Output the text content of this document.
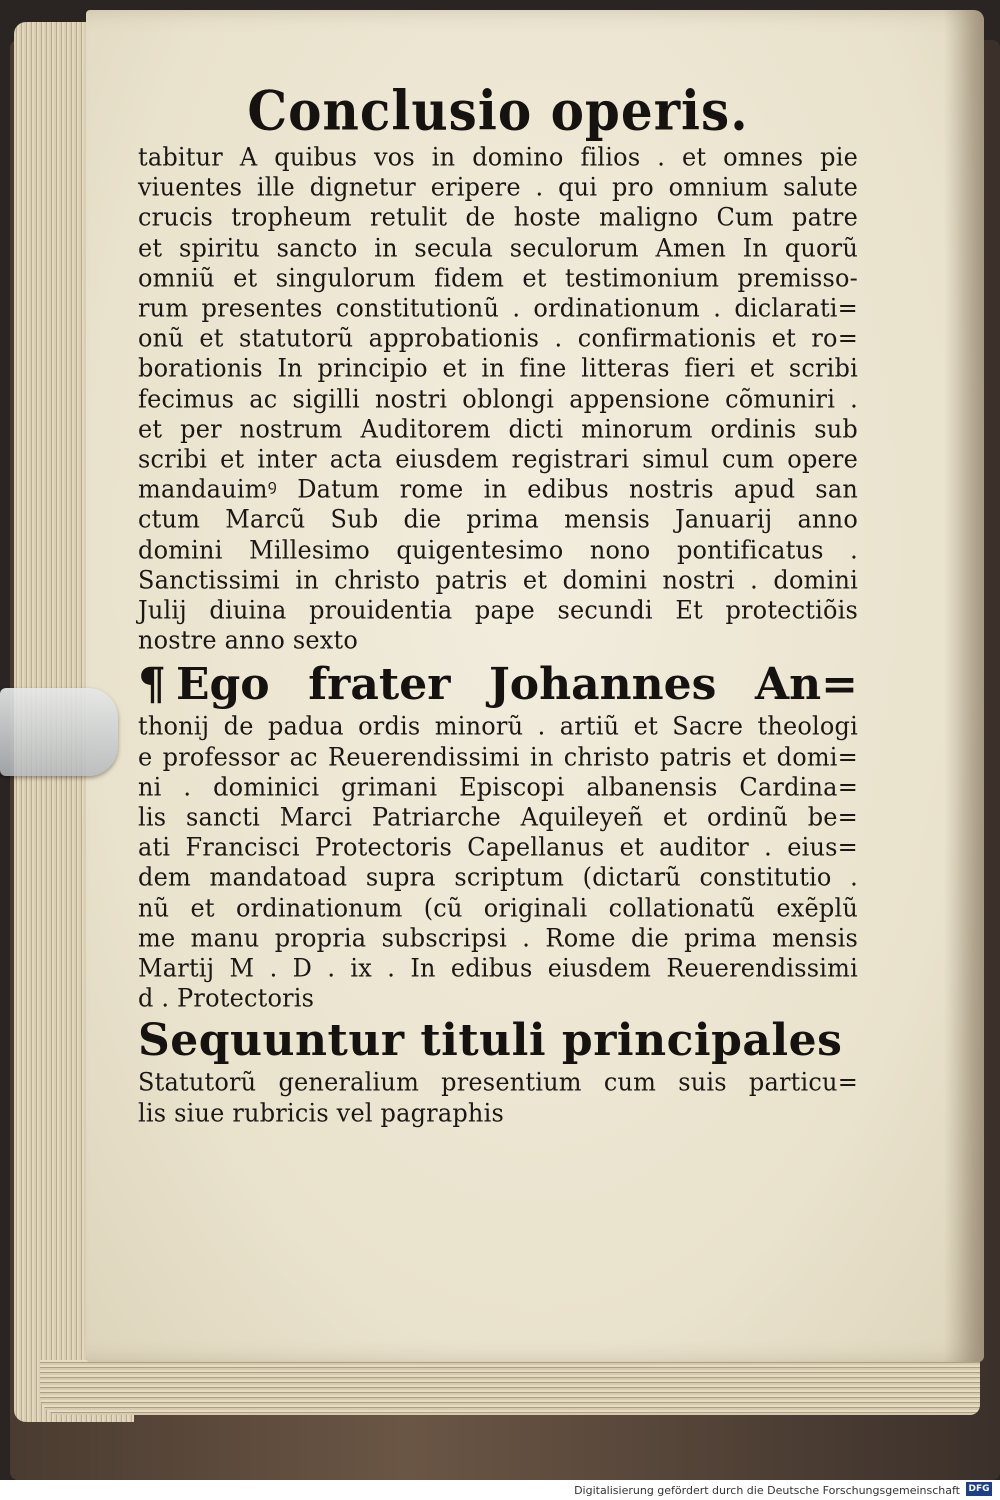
Conclusio operis.
tabitur A quibus vos in domino filios . et omnes pie
viuentes ille dignetur eripere . qui pro omnium salute
crucis tropheum retulit de hoste maligno Cum patre
et spiritu sancto in secula seculorum Amen In quorũ
omniũ et singulorum fidem et testimonium premisso-
rum presentes constitutionũ . ordinationum . diclarati=
onũ et statutorũ approbationis . confirmationis et ro=
borationis In principio et in fine litteras fieri et scribi
fecimus ac sigilli nostri oblongi appensione cõmuniri .
et per nostrum Auditorem dicti minorum ordinis sub
scribi et inter acta eiusdem registrari simul cum opere
mandauimꝰ Datum rome in edibus nostris apud san
ctum Marcũ Sub die prima mensis Januarij anno
domini Millesimo quigentesimo nono pontificatus .
Sanctissimi in christo patris et domini nostri . domini
Julij diuina prouidentia pape secundi Et protectiõis
nostre anno sexto
¶ Ego frater Johannes An=
thonij de padua ordis minorũ . artiũ et Sacre theologi
e professor ac Reuerendissimi in christo patris et domi=
ni . dominici grimani Episcopi albanensis Cardina=
lis sancti Marci Patriarche Aquileyeñ et ordinũ be=
ati Francisci Protectoris Capellanus et auditor . eius=
dem mandatoad supra scriptum (dictarũ constitutio .
nũ et ordinationum (cũ originali collationatũ exẽplũ
me manu propria subscripsi . Rome die prima mensis
Martij M . D . ix . In edibus eiusdem Reuerendissimi
d . Protectoris
Sequuntur tituli principales
Statutorũ generalium presentium cum suis particu=
lis siue rubricis vel pagraphis
Digitalisierung gefördert durch die Deutsche Forschungsgemeinschaft DFG
